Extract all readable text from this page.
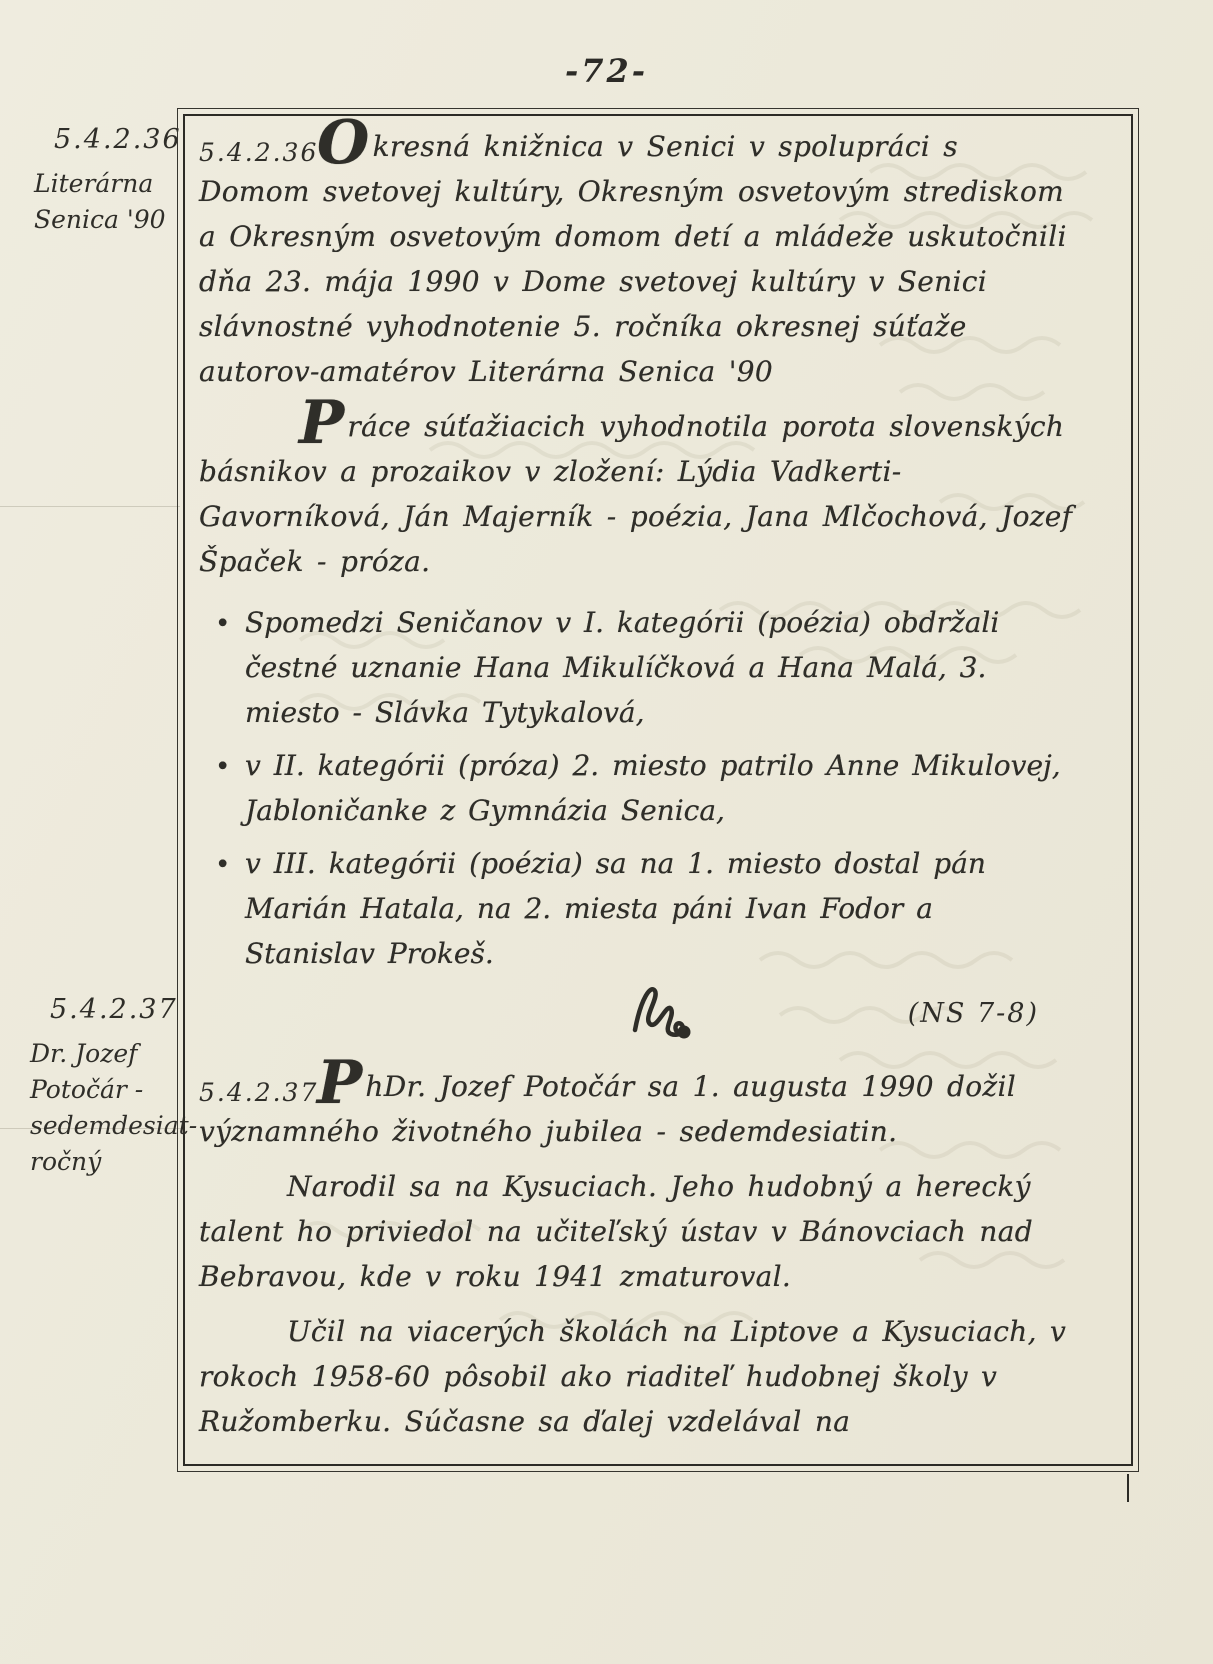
-72-
5.4.2.36
Literárna
Senica '90
5.4.2.37
Dr. Jozef
Potočár -
sedemdesiat-
ročný
5.4.2.36

Okresná knižnica v Senici v spolupráci s Domom svetovej kultúry, Okresným osvetovým strediskom a Okresným osvetovým domom detí a mládeže uskutočnili dňa 23. mája 1990 v Dome svetovej kultúry v Senici slávnostné vyhodnotenie 5. ročníka okresnej súťaže autorov-amatérov Literárna Senica '90

Práce súťažiacich vyhodnotila porota slovenských básnikov a prozaikov v zložení: Lýdia Vadkerti-Gavorníková, Ján Majerník - poézia, Jana Mlčochová, Jozef Špaček - próza.

• Spomedzi Seničanov v I. kategórii (poézia) obdržali čestné uznanie Hana Mikulíčková a Hana Malá, 3. miesto - Slávka Tytykalová,
• v II. kategórii (próza) 2. miesto patrilo Anne Mikulovej, Jabloničanke z Gymnázia Senica,
• v III. kategórii (poézia) sa na 1. miesto dostal pán Marián Hatala, na 2. miesta páni Ivan Fodor a Stanislav Prokeš.
(NS 7-8)
5.4.2.37

PhDr. Jozef Potočár sa 1. augusta 1990 dožil významného životného jubilea - sedemdesiatin.

Narodil sa na Kysuciach. Jeho hudobný a herecký talent ho priviedol na učiteľský ústav v Bánovciach nad Bebravou, kde v roku 1941 zmaturoval.

Učil na viacerých školách na Liptove a Kysuciach, v rokoch 1958-60 pôsobil ako riaditeľ hudobnej školy v Ružomberku. Súčasne sa ďalej vzdelával na
